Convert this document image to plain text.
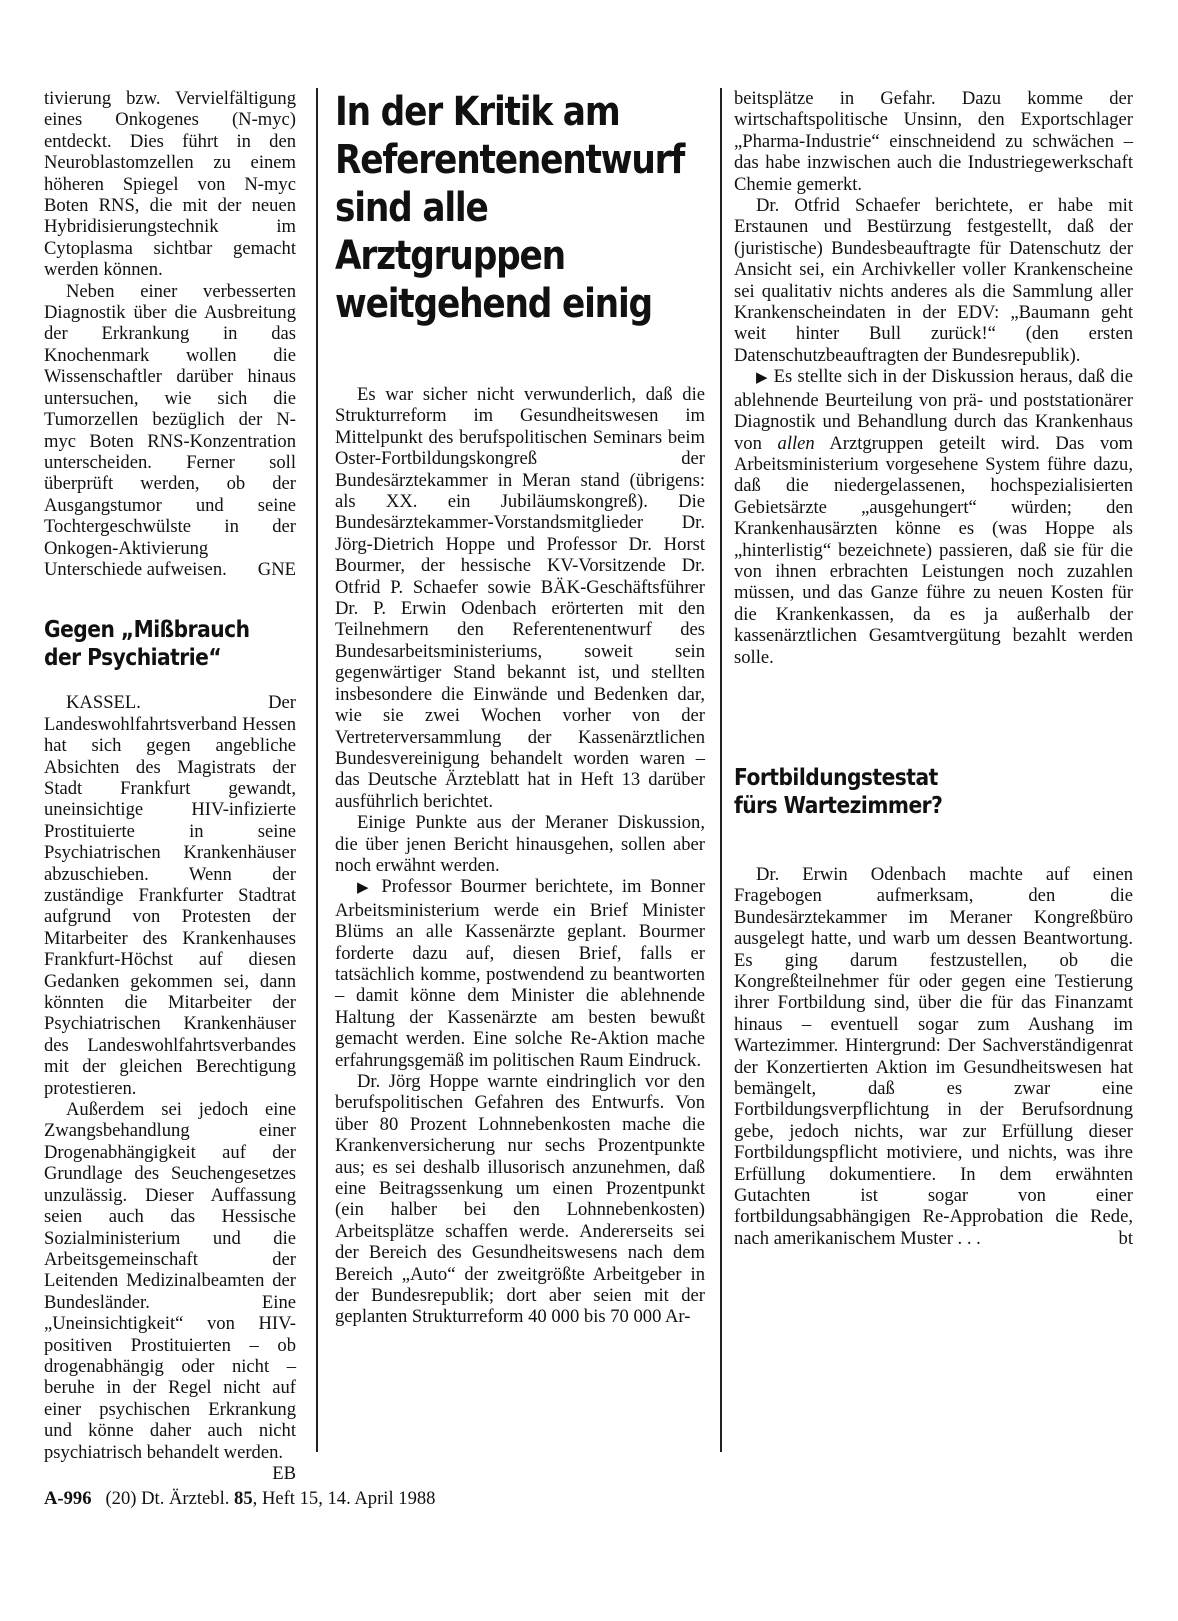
tivierung bzw. Vervielfältigung eines Onkogenes (N-myc) entdeckt. Dies führt in den Neuroblastomzellen zu einem höheren Spiegel von N-myc Boten RNS, die mit der neuen Hybridisierungstechnik im Cytoplasma sichtbar gemacht werden können.

Neben einer verbesserten Diagnostik über die Ausbreitung der Erkrankung in das Knochenmark wollen die Wissenschaftler darüber hinaus untersuchen, wie sich die Tumorzellen bezüglich der N-myc Boten RNS-Konzentration unterscheiden. Ferner soll überprüft werden, ob der Ausgangstumor und seine Tochtergeschwülste in der Onkogen-Aktivierung Unterschiede aufweisen.	GNE

Gegen „Mißbrauch der Psychiatrie“

KASSEL. Der Landeswohlfahrtsverband Hessen hat sich gegen angebliche Absichten des Magistrats der Stadt Frankfurt gewandt, uneinsichtige HIV-infizierte Prostituierte in seine Psychiatrischen Krankenhäuser abzuschieben. Wenn der zuständige Frankfurter Stadtrat aufgrund von Protesten der Mitarbeiter des Krankenhauses Frankfurt-Höchst auf diesen Gedanken gekommen sei, dann könnten die Mitarbeiter der Psychiatrischen Krankenhäuser des Landeswohlfahrtsverbandes mit der gleichen Berechtigung protestieren.

Außerdem sei jedoch eine Zwangsbehandlung einer Drogenabhängigkeit auf der Grundlage des Seuchengesetzes unzulässig. Dieser Auffassung seien auch das Hessische Sozialministerium und die Arbeitsgemeinschaft der Leitenden Medizinalbeamten der Bundesländer. Eine „Uneinsichtigkeit“ von HIV-positiven Prostituierten – ob drogenabhängig oder nicht – beruhe in der Regel nicht auf einer psychischen Erkrankung und könne daher auch nicht psychiatrisch behandelt werden.
EB

In der Kritik am Referentenentwurf sind alle Arztgruppen weitgehend einig

Es war sicher nicht verwunderlich, daß die Strukturreform im Gesundheitswesen im Mittelpunkt des berufspolitischen Seminars beim Oster-Fortbildungskongreß der Bundesärztekammer in Meran stand (übrigens: als XX. ein Jubiläumskongreß). Die Bundesärztekammer-Vorstandsmitglieder Dr. Jörg-Dietrich Hoppe und Professor Dr. Horst Bourmer, der hessische KV-Vorsitzende Dr. Otfrid P. Schaefer sowie BÄK-Geschäftsführer Dr. P. Erwin Odenbach erörterten mit den Teilnehmern den Referentenentwurf des Bundesarbeitsministeriums, soweit sein gegenwärtiger Stand bekannt ist, und stellten insbesondere die Einwände und Bedenken dar, wie sie zwei Wochen vorher von der Vertreterversammlung der Kassenärztlichen Bundesvereinigung behandelt worden waren – das Deutsche Ärzteblatt hat in Heft 13 darüber ausführlich berichtet.

Einige Punkte aus der Meraner Diskussion, die über jenen Bericht hinausgehen, sollen aber noch erwähnt werden.

▶ Professor Bourmer berichtete, im Bonner Arbeitsministerium werde ein Brief Minister Blüms an alle Kassenärzte geplant. Bourmer forderte dazu auf, diesen Brief, falls er tatsächlich komme, postwendend zu beantworten – damit könne dem Minister die ablehnende Haltung der Kassenärzte am besten bewußt gemacht werden. Eine solche Re-Aktion mache erfahrungsgemäß im politischen Raum Eindruck.

Dr. Jörg Hoppe warnte eindringlich vor den berufspolitischen Gefahren des Entwurfs. Von über 80 Prozent Lohnnebenkosten mache die Krankenversicherung nur sechs Prozentpunkte aus; es sei deshalb illusorisch anzunehmen, daß eine Beitragssenkung um einen Prozentpunkt (ein halber bei den Lohnnebenkosten) Arbeitsplätze schaffen werde. Andererseits sei der Bereich des Gesundheitswesens nach dem Bereich „Auto“ der zweitgrößte Arbeitgeber in der Bundesrepublik; dort aber seien mit der geplanten Strukturreform 40 000 bis 70 000 Ar-

beitsplätze in Gefahr. Dazu komme der wirtschaftspolitische Unsinn, den Exportschlager „Pharma-Industrie“ einschneidend zu schwächen – das habe inzwischen auch die Industriegewerkschaft Chemie gemerkt.

Dr. Otfrid Schaefer berichtete, er habe mit Erstaunen und Bestürzung festgestellt, daß der (juristische) Bundesbeauftragte für Datenschutz der Ansicht sei, ein Archivkeller voller Krankenscheine sei qualitativ nichts anderes als die Sammlung aller Krankenscheindaten in der EDV: „Baumann geht weit hinter Bull zurück!“ (den ersten Datenschutzbeauftragten der Bundesrepublik).

▶ Es stellte sich in der Diskussion heraus, daß die ablehnende Beurteilung von prä- und poststationärer Diagnostik und Behandlung durch das Krankenhaus von allen Arztgruppen geteilt wird. Das vom Arbeitsministerium vorgesehene System führe dazu, daß die niedergelassenen, hochspezialisierten Gebietsärzte „ausgehungert“ würden; den Krankenhausärzten könne es (was Hoppe als „hinterlistig“ bezeichnete) passieren, daß sie für die von ihnen erbrachten Leistungen noch zuzahlen müssen, und das Ganze führe zu neuen Kosten für die Krankenkassen, da es ja außerhalb der kassenärztlichen Gesamtvergütung bezahlt werden solle.

Fortbildungstestat fürs Wartezimmer?

Dr. Erwin Odenbach machte auf einen Fragebogen aufmerksam, den die Bundesärztekammer im Meraner Kongreßbüro ausgelegt hatte, und warb um dessen Beantwortung. Es ging darum festzustellen, ob die Kongreßteilnehmer für oder gegen eine Testierung ihrer Fortbildung sind, über die für das Finanzamt hinaus – eventuell sogar zum Aushang im Wartezimmer. Hintergrund: Der Sachverständigenrat der Konzertierten Aktion im Gesundheitswesen hat bemängelt, daß es zwar eine Fortbildungsverpflichtung in der Berufsordnung gebe, jedoch nichts, war zur Erfüllung dieser Fortbildungspflicht motiviere, und nichts, was ihre Erfüllung dokumentiere. In dem erwähnten Gutachten ist sogar von einer fortbildungsabhängigen Re-Approbation die Rede, nach amerikanischem Muster . . .	bt

A-996 (20) Dt. Ärztebl. 85, Heft 15, 14. April 1988
